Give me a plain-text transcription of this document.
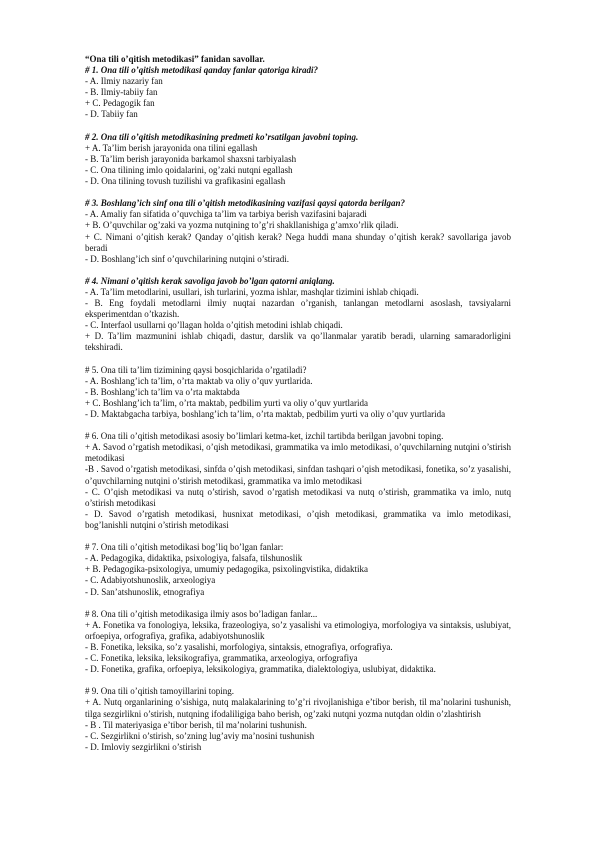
“Ona tili o’qitish metodikasi” fanidan savollar.
# 1. Ona tili o’qitish metodikasi qanday fanlar qatoriga kiradi?
- A. Ilmiy nazariy fan
- B. Ilmiy-tabiiy fan
+ C. Pedagogik fan
- D. Tabiiy fan
# 2. Ona tili o’qitish metodikasining predmeti ko’rsatilgan javobni toping.
+ A. Ta’lim berish jarayonida ona tilini egallash
- B. Ta’lim berish jarayonida barkamol shaxsni tarbiyalash
- C. Ona tilining imlo qoidalarini, og’zaki nutqni egallash
- D. Ona tilining tovush tuzilishi va grafikasini egallash
# 3. Boshlang’ich sinf ona tili o’qitish metodikasining vazifasi qaysi qatorda berilgan?
- A. Amaliy fan sifatida o’quvchiga ta’lim va tarbiya berish vazifasini bajaradi
+ B. O’quvchilar og’zaki va yozma nutqining to’g’ri shakllanishiga g’amxo’rlik qiladi.
+ C. Nimani o’qitish kerak? Qanday o’qitish kerak? Nega huddi mana shunday o’qitish kerak? savollariga javob beradi
- D. Boshlang’ich sinf o’quvchilarining nutqini o’stiradi.
# 4. Nimani o’qitish kerak savoliga javob bo’lgan qatorni aniqlang.
- A. Ta’lim metodlarini, usullari, ish turlarini, yozma ishlar, mashqlar tizimini ishlab chiqadi.
- B. Eng foydali metodlarni ilmiy nuqtai nazardan o’rganish, tanlangan metodlarni asoslash, tavsiyalarni eksperimentdan o’tkazish.
- C. Interfaol usullarni qo’llagan holda o’qitish metodini ishlab chiqadi.
+ D. Ta’lim mazmunini ishlab chiqadi, dastur, darslik va qo’llanmalar yaratib beradi, ularning samaradorligini tekshiradi.
# 5. Ona tili ta’lim tizimining qaysi bosqichlarida o’rgatiladi?
- A. Boshlang’ich ta’lim, o’rta maktab va oliy o’quv yurtlarida.
- B. Boshlang’ich ta’lim va o’rta maktabda
+ C. Boshlang’ich ta’lim, o’rta maktab, pedbilim yurti va oliy o’quv yurtlarida
- D. Maktabgacha tarbiya, boshlang’ich ta’lim, o’rta maktab, pedbilim yurti va oliy o’quv yurtlarida
# 6. Ona tili o’qitish metodikasi asosiy bo’limlari ketma-ket, izchil tartibda berilgan javobni toping.
+ A. Savod o’rgatish metodikasi, o’qish metodikasi, grammatika va imlo metodikasi, o’quvchilarning nutqini o’stirish metodikasi
-B . Savod o’rgatish metodikasi, sinfda o’qish metodikasi, sinfdan tashqari o’qish metodikasi, fonetika, so’z yasalishi, o’quvchilarning nutqini o’stirish metodikasi, grammatika va imlo metodikasi
- C. O’qish metodikasi va nutq o’stirish, savod o’rgatish metodikasi va nutq o’stirish, grammatika va imlo, nutq o’stirish metodikasi
- D. Savod o’rgatish metodikasi, husnixat metodikasi, o’qish metodikasi, grammatika va imlo metodikasi, bog’lanishli nutqini o’stirish metodikasi
# 7. Ona tili o’qitish metodikasi bog’liq bo’lgan fanlar:
- A. Pedagogika, didaktika, psixologiya, falsafa, tilshunoslik
+ B. Pedagogika-psixologiya, umumiy pedagogika, psixolingvistika, didaktika
- C. Adabiyotshunoslik, arxeologiya
- D. San’atshunoslik, etnografiya
# 8. Ona tili o’qitish metodikasiga ilmiy asos bo’ladigan fanlar...
+ A. Fonetika va fonologiya, leksika, frazeologiya, so’z yasalishi va etimologiya, morfologiya va sintaksis, uslubiyat, orfoepiya, orfografiya, grafika, adabiyotshunoslik
- B. Fonetika, leksika, so’z yasalishi, morfologiya, sintaksis, etnografiya, orfografiya.
- C. Fonetika, leksika, leksikografiya, grammatika, arxeologiya, orfografiya
- D. Fonetika, grafika, orfoepiya, leksikologiya, grammatika, dialektologiya, uslubiyat, didaktika.
# 9. Ona tili o’qitish tamoyillarini toping.
+ A. Nutq organlarining o’sishiga, nutq malakalarining to’g’ri rivojlanishiga e’tibor berish, til ma’nolarini tushunish, tilga sezgirlikni o’stirish, nutqning ifodaliligiga baho berish, og’zaki nutqni yozma nutqdan oldin o’zlashtirish
- B . Til materiyasiga e’tibor berish, til ma’nolarini tushunish.
- C. Sezgirlikni o’stirish, so’zning lug’aviy ma’nosini tushunish
- D. Imloviy sezgirlikni o’stirish
